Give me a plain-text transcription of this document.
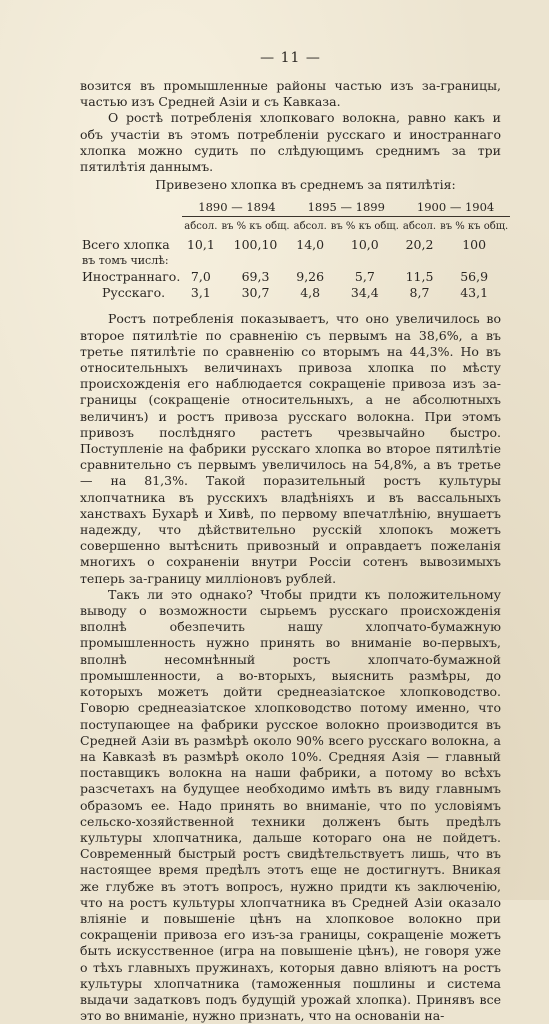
— 11 —

возится въ промышленные районы частью изъ за-границы, частью изъ Средней Азіи и съ Кавказа.

О ростѣ потребленія хлопковаго волокна, равно какъ и объ участіи въ этомъ потребленіи русскаго и иностраннаго хлопка можно судить по слѣдующимъ среднимъ за три пятилѣтія даннымъ.

Привезено хлопка въ среднемъ за пятилѣтія:
	1890 — 1894		1895 — 1899		1900 — 1904	
	абсол.	въ % къ общ.	абсол.	въ % къ общ.	абсол.	въ % къ общ.
Всего хлопка	10,1	100,10	14,0	10,0	20,2	100
въ томъ числѣ:						
Иностраннаго.	7,0	69,3	9,26	5,7	11,5	56,9
Русскаго.	3,1	30,7	4,8	34,4	8,7	43,1

Ростъ потребленія показываетъ, что оно увеличилось во второе пятилѣтіе по сравненію съ первымъ на 38,6%, а въ третье пятилѣтіе по сравненію со вторымъ на 44,3%. Но въ относительныхъ величинахъ привоза хлопка по мѣсту происхожденія его наблюдается сокращеніе привоза изъ за-границы (сокращеніе относительныхъ, а не абсолютныхъ величинъ) и ростъ привоза русскаго волокна. При этомъ привозъ послѣдняго растетъ чрезвычайно быстро. Поступленіе на фабрики русскаго хлопка во второе пятилѣтіе сравнительно съ первымъ увеличилось на 54,8%, а въ третье — на 81,3%. Такой поразительный ростъ культуры хлопчатника въ русскихъ владѣніяхъ и въ вассальныхъ ханствахъ Бухарѣ и Хивѣ, по первому впечатлѣнію, внушаетъ надежду, что дѣйствительно русскій хлопокъ можетъ совершенно вытѣснить привозный и оправдаетъ пожеланія многихъ о сохраненіи внутри Россіи сотенъ вывозимыхъ теперь за-границу милліоновъ рублей.

Такъ ли это однако? Чтобы придти къ положительному выводу о возможности сырьемъ русскаго происхожденія вполнѣ обезпечить нашу хлопчато-бумажную промышленность нужно принять во вниманіе во-первыхъ, вполнѣ несомнѣнный ростъ хлопчато-бумажной промышленности, а во-вторыхъ, выяснить размѣры, до которыхъ можетъ дойти среднеазіатское хлопководство. Говорю среднеазіатское хлопководство потому именно, что поступающее на фабрики русское волокно производится въ Средней Азіи въ размѣрѣ около 90% всего русскаго волокна, а на Кавказѣ въ размѣрѣ около 10%. Средняя Азія — главный поставщикъ волокна на наши фабрики, а потому во всѣхъ разсчетахъ на будущее необходимо имѣть въ виду главнымъ образомъ ее. Надо принять во вниманіе, что по условіямъ сельско-хозяйственной техники долженъ быть предѣлъ культуры хлопчатника, дальше котораго она не пойдетъ. Современный быстрый ростъ свидѣтельствуетъ лишь, что въ настоящее время предѣлъ этотъ еще не достигнутъ. Вникая же глубже въ этотъ вопросъ, нужно придти къ заключенію, что на ростъ культуры хлопчатника въ Средней Азіи оказало вліяніе и повышеніе цѣнъ на хлопковое волокно при сокращеніи привоза его изъ-за границы, сокращеніе можетъ быть искусственное (игра на повышеніе цѣнъ), не говоря уже о тѣхъ главныхъ пружинахъ, которыя давно вліяютъ на ростъ культуры хлопчатника (таможенныя пошлины и система выдачи задатковъ подъ будущій урожай хлопка). Принявъ все это во вниманіе, нужно признать, что на основаніи на-
